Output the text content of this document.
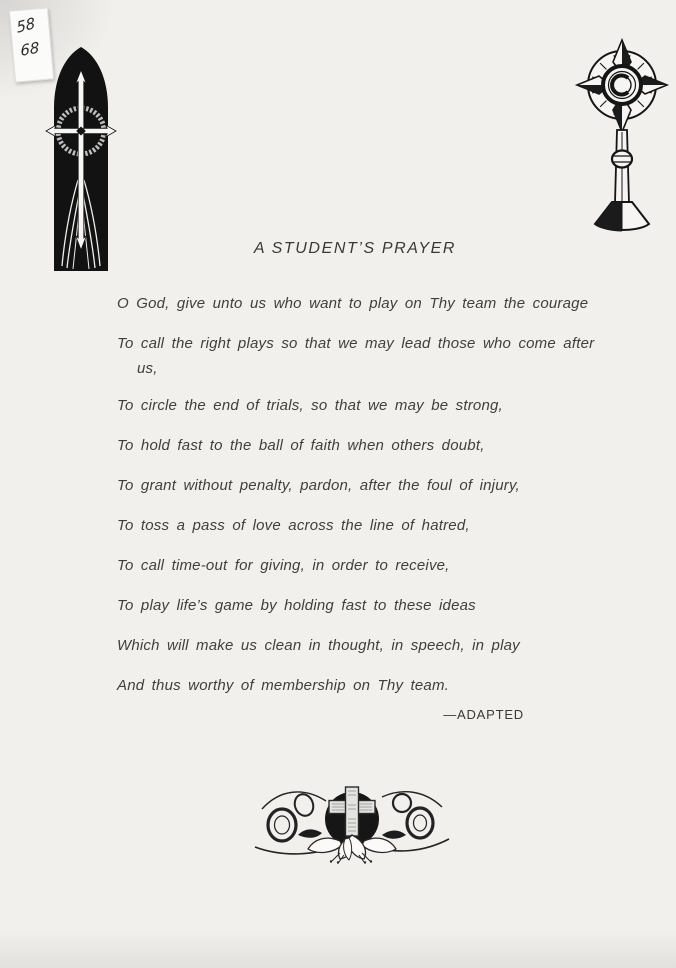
58
68
A STUDENT’S PRAYER
O God, give unto us who want to play on Thy team the courage
To call the right plays so that we may lead those who come after
us,
To circle the end of trials, so that we may be strong,
To hold fast to the ball of faith when others doubt,
To grant without penalty, pardon, after the foul of injury,
To toss a pass of love across the line of hatred,
To call time-out for giving, in order to receive,
To play life’s game by holding fast to these ideas
Which will make us clean in thought, in speech, in play
And thus worthy of membership on Thy team.
—ADAPTED
